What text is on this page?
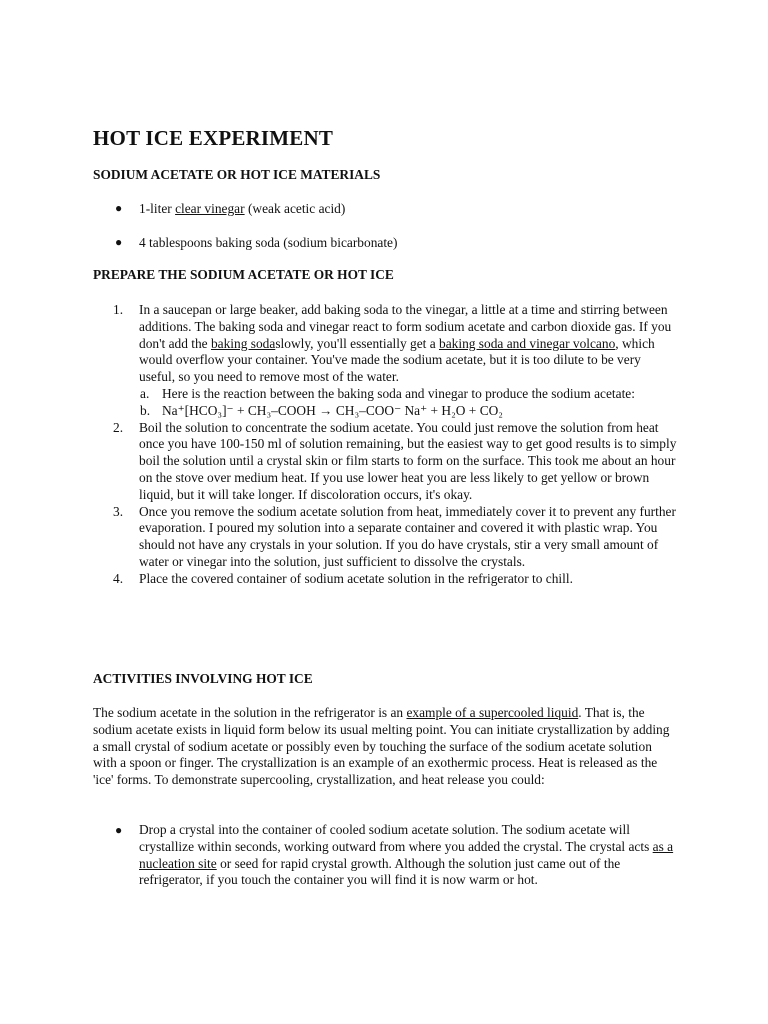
HOT ICE EXPERIMENT
SODIUM ACETATE OR HOT ICE MATERIALS
● 1-liter clear vinegar (weak acetic acid)
● 4 tablespoons baking soda (sodium bicarbonate)
PREPARE THE SODIUM ACETATE OR HOT ICE
1. In a saucepan or large beaker, add baking soda to the vinegar, a little at a time and stirring between additions. The baking soda and vinegar react to form sodium acetate and carbon dioxide gas. If you don't add the baking sodaslowly, you'll essentially get a baking soda and vinegar volcano, which would overflow your container. You've made the sodium acetate, but it is too dilute to be very useful, so you need to remove most of the water.
a. Here is the reaction between the baking soda and vinegar to produce the sodium acetate:
b. Na⁺[HCO₃]⁻ + CH₃–COOH → CH₃–COO⁻ Na⁺ + H₂O + CO₂
2. Boil the solution to concentrate the sodium acetate. You could just remove the solution from heat once you have 100-150 ml of solution remaining, but the easiest way to get good results is to simply boil the solution until a crystal skin or film starts to form on the surface. This took me about an hour on the stove over medium heat. If you use lower heat you are less likely to get yellow or brown liquid, but it will take longer. If discoloration occurs, it's okay.
3. Once you remove the sodium acetate solution from heat, immediately cover it to prevent any further evaporation. I poured my solution into a separate container and covered it with plastic wrap. You should not have any crystals in your solution. If you do have crystals, stir a very small amount of water or vinegar into the solution, just sufficient to dissolve the crystals.
4. Place the covered container of sodium acetate solution in the refrigerator to chill.
ACTIVITIES INVOLVING HOT ICE

The sodium acetate in the solution in the refrigerator is an example of a supercooled liquid. That is, the sodium acetate exists in liquid form below its usual melting point. You can initiate crystallization by adding a small crystal of sodium acetate or possibly even by touching the surface of the sodium acetate solution with a spoon or finger. The crystallization is an example of an exothermic process. Heat is released as the 'ice' forms. To demonstrate supercooling, crystallization, and heat release you could:

● Drop a crystal into the container of cooled sodium acetate solution. The sodium acetate will crystallize within seconds, working outward from where you added the crystal. The crystal acts as a nucleation site or seed for rapid crystal growth. Although the solution just came out of the refrigerator, if you touch the container you will find it is now warm or hot.
